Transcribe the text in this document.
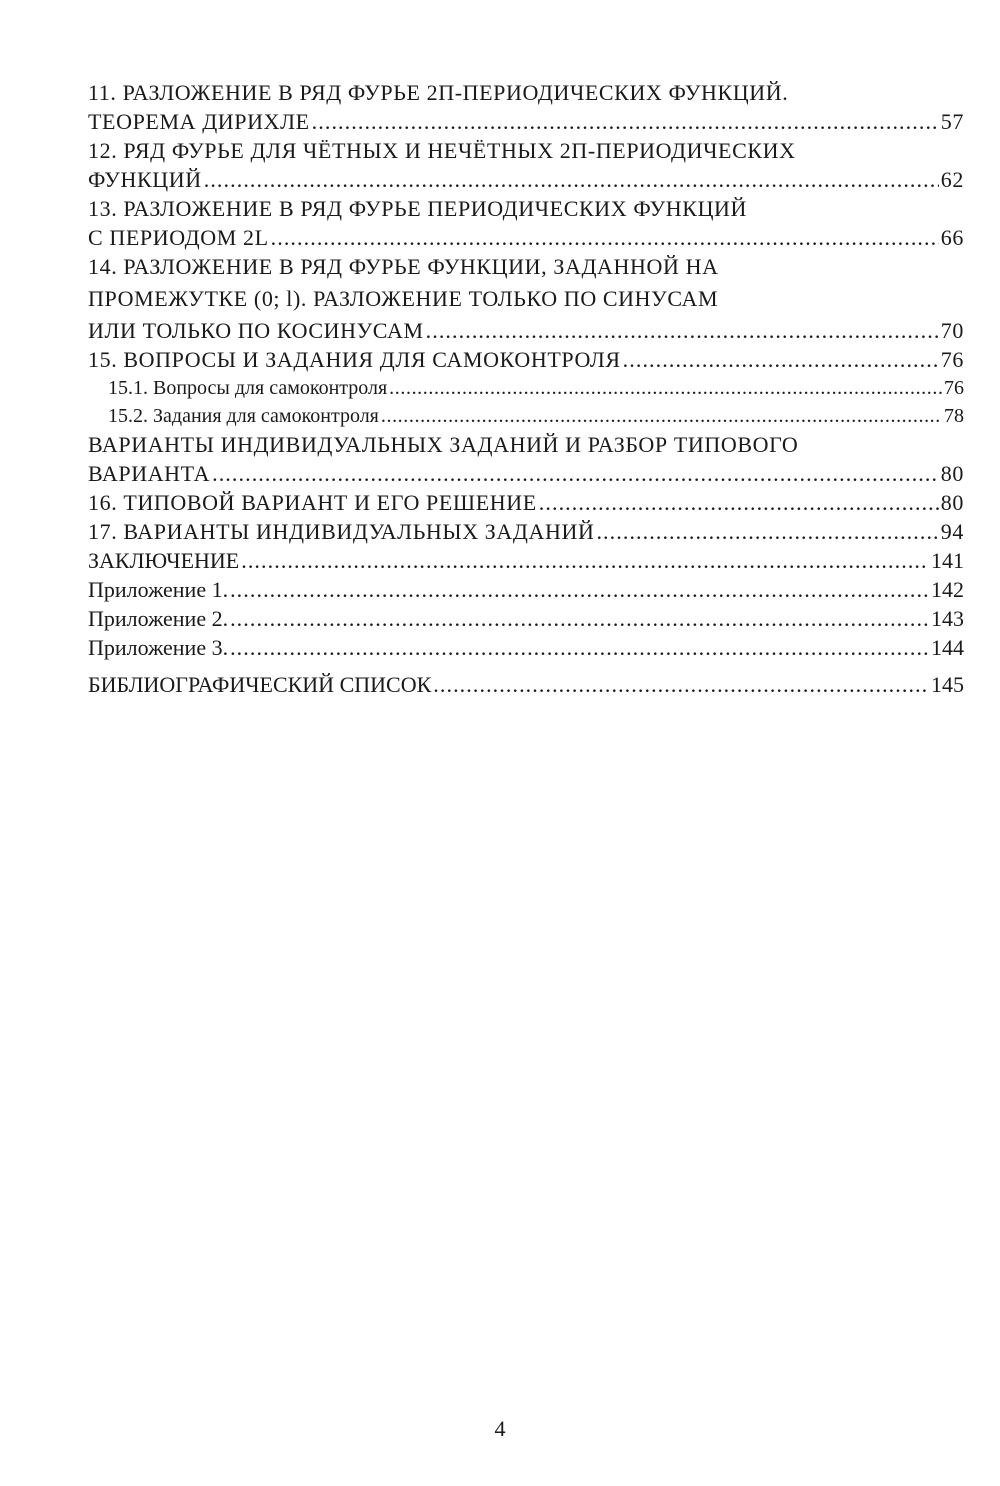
11. РАЗЛОЖЕНИЕ В РЯД ФУРЬЕ 2П-ПЕРИОДИЧЕСКИХ ФУНКЦИЙ.
ТЕОРЕМА ДИРИХЛЕ . . .	57
12. РЯД ФУРЬЕ ДЛЯ ЧЁТНЫХ И НЕЧЁТНЫХ 2П-ПЕРИОДИЧЕСКИХ
ФУНКЦИЙ . . .	62
13. РАЗЛОЖЕНИЕ В РЯД ФУРЬЕ ПЕРИОДИЧЕСКИХ ФУНКЦИЙ
С ПЕРИОДОМ 2L . . .	66
14. РАЗЛОЖЕНИЕ В РЯД ФУРЬЕ ФУНКЦИИ, ЗАДАННОЙ НА
ПРОМЕЖУТКЕ (0; l). РАЗЛОЖЕНИЕ ТОЛЬКО ПО СИНУСАМ
ИЛИ ТОЛЬКО ПО КОСИНУСАМ . . .	70
15. ВОПРОСЫ И ЗАДАНИЯ ДЛЯ САМОКОНТРОЛЯ . . .	76
15.1. Вопросы для самоконтроля . . .	76
15.2. Задания для самоконтроля . . .	78
ВАРИАНТЫ ИНДИВИДУАЛЬНЫХ ЗАДАНИЙ И РАЗБОР ТИПОВОГО
ВАРИАНТА . . .	80
16. ТИПОВОЙ ВАРИАНТ И ЕГО РЕШЕНИЕ . . .	80
17. ВАРИАНТЫ ИНДИВИДУАЛЬНЫХ ЗАДАНИЙ . . .	94
ЗАКЛЮЧЕНИЕ . . .	141
Приложение 1. . . .	142
Приложение 2. . . .	143
Приложение 3. . . .	144
БИБЛИОГРАФИЧЕСКИЙ СПИСОК . . .	145
4
